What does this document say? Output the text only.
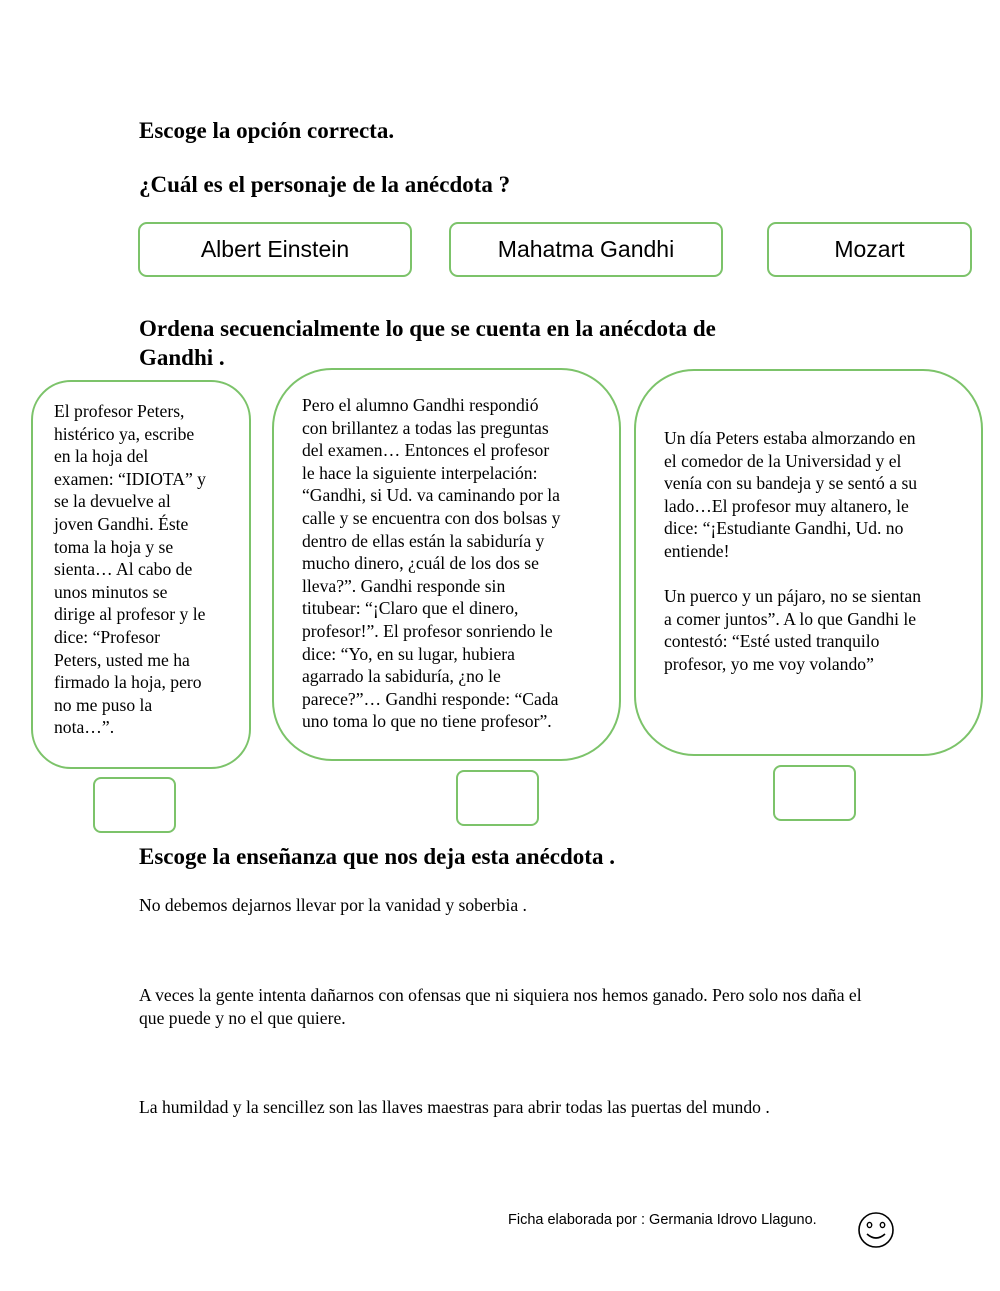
Escoge la opción correcta.
¿Cuál es el personaje de la anécdota ?
Albert Einstein	Mahatma Gandhi	Mozart
Ordena secuencialmente lo que se cuenta en la anécdota de
Gandhi .
El profesor Peters,
histérico ya, escribe
en la hoja del
examen: “IDIOTA” y
se la devuelve al
joven Gandhi. Éste
toma la hoja y se
sienta… Al cabo de
unos minutos se
dirige al profesor y le
dice: “Profesor
Peters, usted me ha
firmado la hoja, pero
no me puso la
nota…”.
Pero el alumno Gandhi respondió
con brillantez a todas las preguntas
del examen… Entonces el profesor
le hace la siguiente interpelación:
“Gandhi, si Ud. va caminando por la
calle y se encuentra con dos bolsas y
dentro de ellas están la sabiduría y
mucho dinero, ¿cuál de los dos se
lleva?”. Gandhi responde sin
titubear: “¡Claro que el dinero,
profesor!”. El profesor sonriendo le
dice: “Yo, en su lugar, hubiera
agarrado la sabiduría, ¿no le
parece?”… Gandhi responde: “Cada
uno toma lo que no tiene profesor”.
Un día Peters estaba almorzando en
el comedor de la Universidad y el
venía con su bandeja y se sentó a su
lado…El profesor muy altanero, le
dice: “¡Estudiante Gandhi, Ud. no
entiende!

Un puerco y un pájaro, no se sientan
a comer juntos”. A lo que Gandhi le
contestó: “Esté usted tranquilo
profesor, yo me voy volando”
Escoge la enseñanza que nos deja esta anécdota .
No debemos dejarnos llevar por la vanidad y soberbia .
A veces la gente intenta dañarnos con ofensas que ni siquiera nos hemos ganado. Pero solo nos daña el que puede y no el que quiere.
La humildad y la sencillez son las llaves maestras para abrir todas las puertas del mundo .
Ficha elaborada por : Germania Idrovo Llaguno.
